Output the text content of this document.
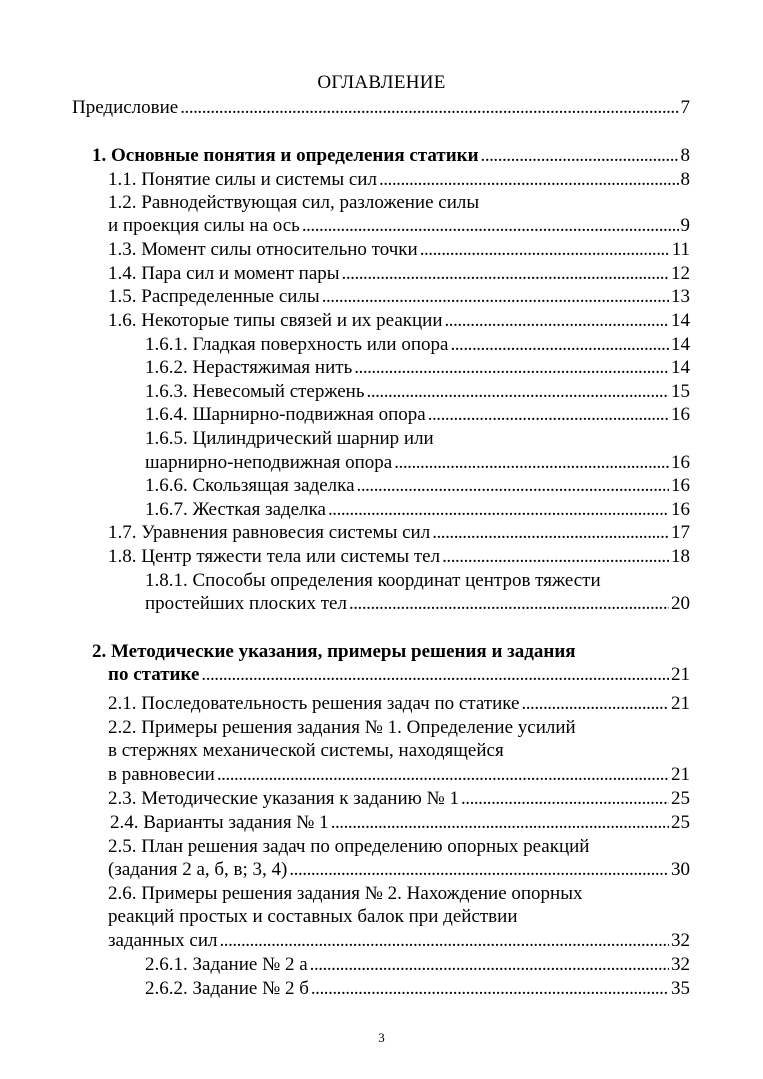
ОГЛАВЛЕНИЕ
Предисловие . . .	7
1. Основные понятия и определения статики . . .	8
1.1. Понятие силы и системы сил . . .	8
1.2. Равнодействующая сил, разложение силы
и проекция силы на ось . . .	9
1.3. Момент силы относительно точки . . .	11
1.4. Пара сил и момент пары . . .	12
1.5. Распределенные силы . . .	13
1.6. Некоторые типы связей и их реакции . . .	14
1.6.1. Гладкая поверхность или опора . . .	14
1.6.2. Нерастяжимая нить . . .	14
1.6.3. Невесомый стержень . . .	15
1.6.4. Шарнирно-подвижная опора . . .	16
1.6.5. Цилиндрический шарнир или
шарнирно-неподвижная опора . . .	16
1.6.6. Скользящая заделка . . .	16
1.6.7. Жесткая заделка . . .	16
1.7. Уравнения равновесия системы сил . . .	17
1.8. Центр тяжести тела или системы тел . . .	18
1.8.1. Способы определения координат центров тяжести
простейших плоских тел . . .	20
2. Методические указания, примеры решения и задания
по статике . . .	21
2.1. Последовательность решения задач по статике . . .	21
2.2. Примеры решения задания № 1. Определение усилий
в стержнях механической системы, находящейся
в равновесии . . .	21
2.3. Методические указания к заданию № 1 . . .	25
2.4. Варианты задания № 1 . . .	25
2.5. План решения задач по определению опорных реакций
(задания 2 а, б, в; 3, 4) . . .	30
2.6. Примеры решения задания № 2. Нахождение опорных
реакций простых и составных балок при действии
заданных сил . . .	32
2.6.1. Задание № 2 а . . .	32
2.6.2. Задание № 2 б . . .	35
3
